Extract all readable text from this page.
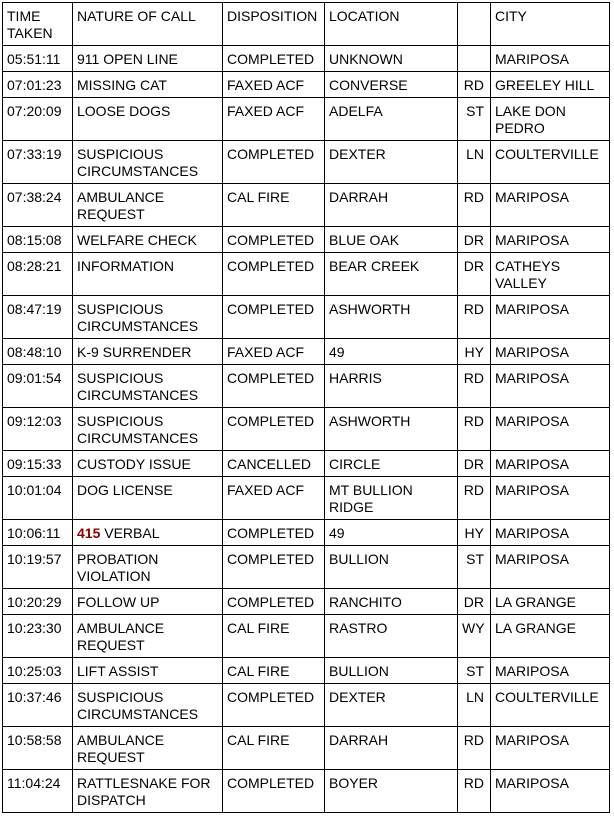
TIME TAKEN	NATURE OF CALL	DISPOSITION	LOCATION		CITY
05:51:11	911 OPEN LINE	COMPLETED	UNKNOWN		MARIPOSA
07:01:23	MISSING CAT	FAXED ACF	CONVERSE	RD	GREELEY HILL
07:20:09	LOOSE DOGS	FAXED ACF	ADELFA	ST	LAKE DON PEDRO
07:33:19	SUSPICIOUS CIRCUMSTANCES	COMPLETED	DEXTER	LN	COULTERVILLE
07:38:24	AMBULANCE REQUEST	CAL FIRE	DARRAH	RD	MARIPOSA
08:15:08	WELFARE CHECK	COMPLETED	BLUE OAK	DR	MARIPOSA
08:28:21	INFORMATION	COMPLETED	BEAR CREEK	DR	CATHEYS VALLEY
08:47:19	SUSPICIOUS CIRCUMSTANCES	COMPLETED	ASHWORTH	RD	MARIPOSA
08:48:10	K-9 SURRENDER	FAXED ACF	49	HY	MARIPOSA
09:01:54	SUSPICIOUS CIRCUMSTANCES	COMPLETED	HARRIS	RD	MARIPOSA
09:12:03	SUSPICIOUS CIRCUMSTANCES	COMPLETED	ASHWORTH	RD	MARIPOSA
09:15:33	CUSTODY ISSUE	CANCELLED	CIRCLE	DR	MARIPOSA
10:01:04	DOG LICENSE	FAXED ACF	MT BULLION RIDGE	RD	MARIPOSA
10:06:11	415 VERBAL	COMPLETED	49	HY	MARIPOSA
10:19:57	PROBATION VIOLATION	COMPLETED	BULLION	ST	MARIPOSA
10:20:29	FOLLOW UP	COMPLETED	RANCHITO	DR	LA GRANGE
10:23:30	AMBULANCE REQUEST	CAL FIRE	RASTRO	WY	LA GRANGE
10:25:03	LIFT ASSIST	CAL FIRE	BULLION	ST	MARIPOSA
10:37:46	SUSPICIOUS CIRCUMSTANCES	COMPLETED	DEXTER	LN	COULTERVILLE
10:58:58	AMBULANCE REQUEST	CAL FIRE	DARRAH	RD	MARIPOSA
11:04:24	RATTLESNAKE FOR DISPATCH	COMPLETED	BOYER	RD	MARIPOSA
